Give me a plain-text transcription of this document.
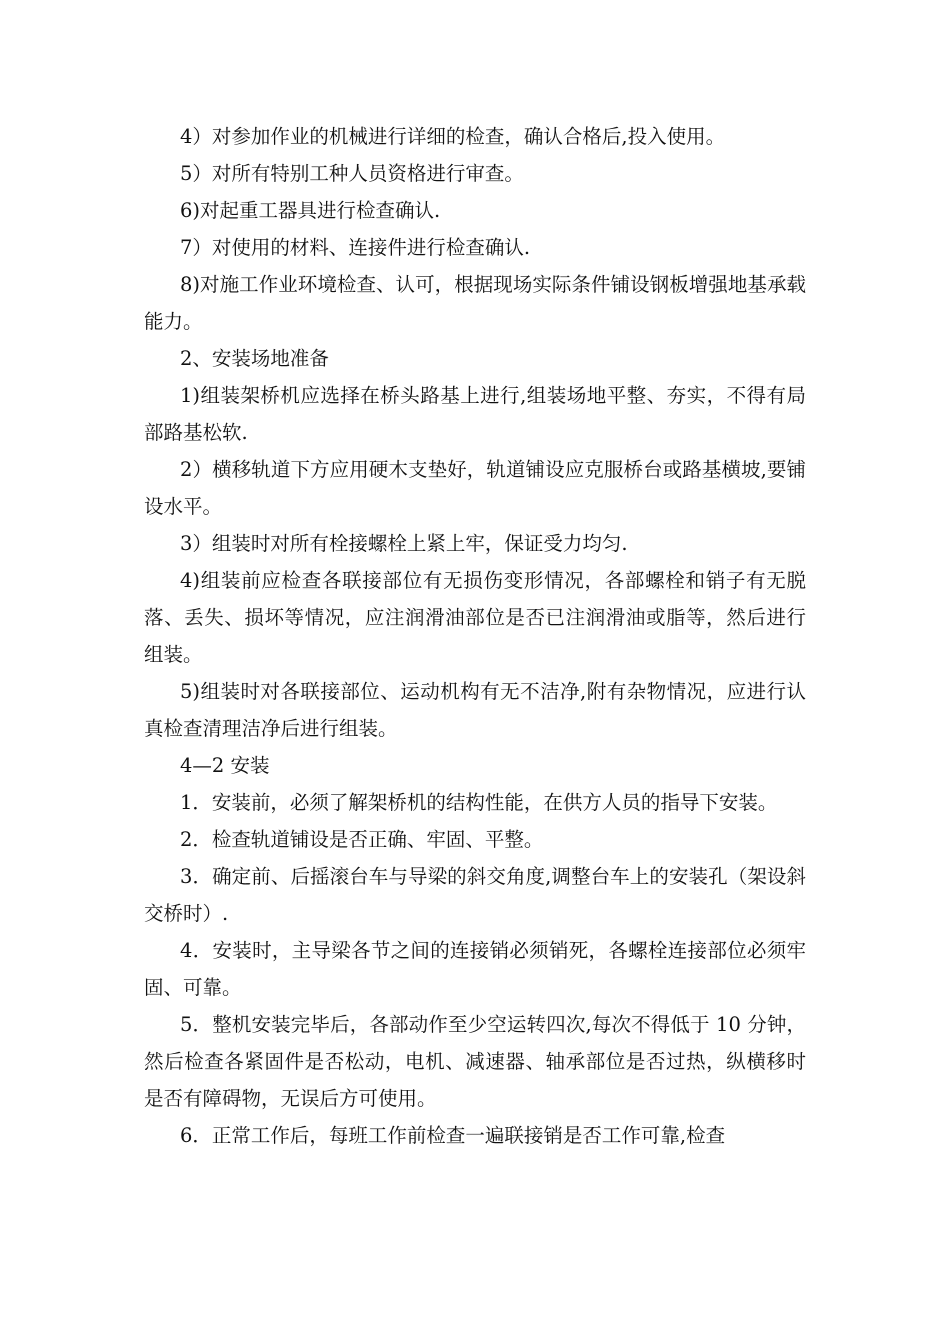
4）对参加作业的机械进行详细的检查，确认合格后,投入使用。

5）对所有特别工种人员资格进行审查。

6)对起重工器具进行检查确认.

7）对使用的材料、连接件进行检查确认.

8)对施工作业环境检查、认可，根据现场实际条件铺设钢板增强地基承载能力。

2、安装场地准备

1)组装架桥机应选择在桥头路基上进行,组装场地平整、夯实，不得有局部路基松软.

2）横移轨道下方应用硬木支垫好，轨道铺设应克服桥台或路基横坡,要铺设水平。

3）组装时对所有栓接螺栓上紧上牢，保证受力均匀.

4)组装前应检查各联接部位有无损伤变形情况，各部螺栓和销子有无脱落、丢失、损坏等情况，应注润滑油部位是否已注润滑油或脂等，然后进行组装。

5)组装时对各联接部位、运动机构有无不洁净,附有杂物情况，应进行认真检查清理洁净后进行组装。

4—2 安装

1．安装前，必须了解架桥机的结构性能，在供方人员的指导下安装。

2．检查轨道铺设是否正确、牢固、平整。

3．确定前、后摇滚台车与导梁的斜交角度,调整台车上的安装孔（架设斜交桥时）.

4．安装时，主导梁各节之间的连接销必须销死，各螺栓连接部位必须牢固、可靠。

5．整机安装完毕后，各部动作至少空运转四次,每次不得低于 10 分钟，然后检查各紧固件是否松动，电机、减速器、轴承部位是否过热，纵横移时是否有障碍物，无误后方可使用。

6．正常工作后，每班工作前检查一遍联接销是否工作可靠,检查
